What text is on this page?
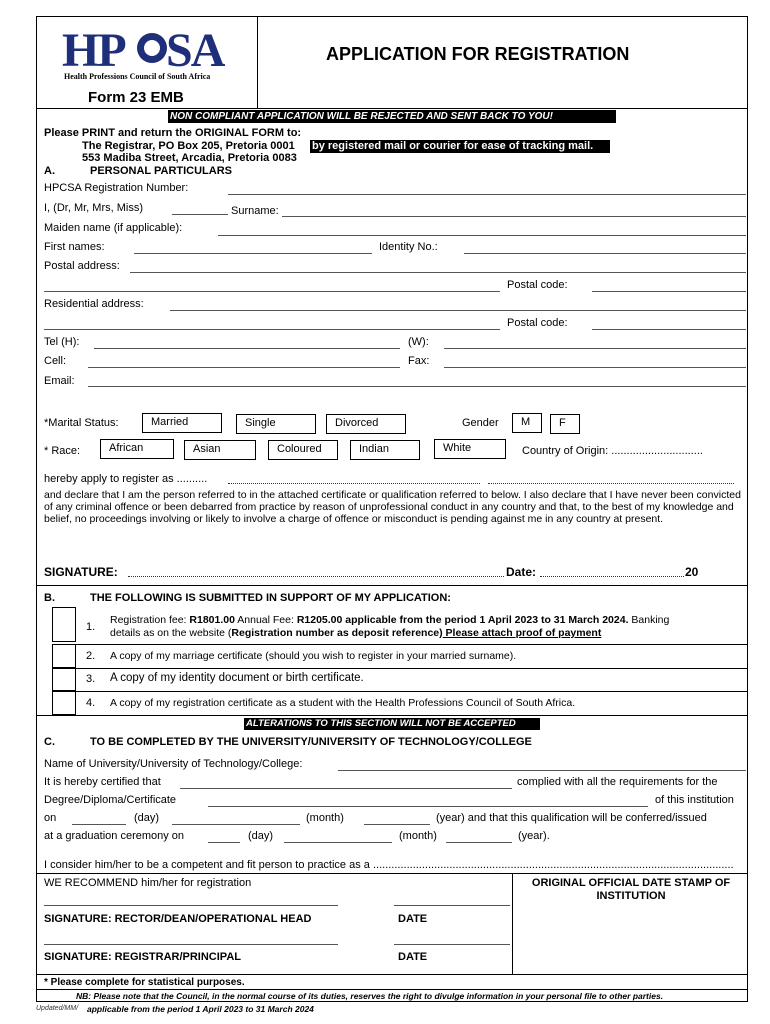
HP SA
Health Professions Council of South Africa
Form 23 EMB
APPLICATION FOR REGISTRATION
NON COMPLIANT APPLICATION WILL BE REJECTED AND SENT BACK TO YOU!
Please PRINT and return the ORIGINAL FORM to:
The Registrar, PO Box 205, Pretoria 0001 by registered mail or courier for ease of tracking mail.
553 Madiba Street, Arcadia, Pretoria 0083
A.	PERSONAL PARTICULARS
HPCSA Registration Number:
I, (Dr, Mr, Mrs, Miss)	Surname:
Maiden name (if applicable):
First names:	Identity No.:
Postal address:
Postal code:
Residential address:
Postal code:
Tel (H):	(W):
Cell:	Fax:
Email:
*Marital Status:	Married	Single	Divorced	Gender	M	F
* Race:	African	Asian	Coloured	Indian	White	Country of Origin: ..............................
hereby apply to register as ..........
and declare that I am the person referred to in the attached certificate or qualification referred to below. I also declare that I have never been convicted of any criminal offence or been debarred from practice by reason of unprofessional conduct in any country and that, to the best of my knowledge and belief, no proceedings involving or likely to involve a charge of offence or misconduct is pending against me in any country at present.
SIGNATURE:	Date:	20
B.	THE FOLLOWING IS SUBMITTED IN SUPPORT OF MY APPLICATION:
1.
Registration fee: R1801.00 Annual Fee: R1205.00 applicable from the period 1 April 2023 to 31 March 2024. Banking
details as on the website (Registration number as deposit reference) Please attach proof of payment
2. A copy of my marriage certificate (should you wish to register in your married surname).
3. A copy of my identity document or birth certificate.
4. A copy of my registration certificate as a student with the Health Professions Council of South Africa.
ALTERATIONS TO THIS SECTION WILL NOT BE ACCEPTED
C.	TO BE COMPLETED BY THE UNIVERSITY/UNIVERSITY OF TECHNOLOGY/COLLEGE
Name of University/University of Technology/College:
It is hereby certified that	complied with all the requirements for the
Degree/Diploma/Certificate	of this institution
on	(day)	(month)	(year) and that this qualification will be conferred/issued
at a graduation ceremony on	(day)	(month)	(year).
I consider him/her to be a competent and fit person to practice as a ......................................................................................................................
WE RECOMMEND him/her for registration	ORIGINAL OFFICIAL DATE STAMP OF INSTITUTION
SIGNATURE: RECTOR/DEAN/OPERATIONAL HEAD	DATE
SIGNATURE: REGISTRAR/PRINCIPAL	DATE
* Please complete for statistical purposes.
NB: Please note that the Council, in the normal course of its duties, reserves the right to divulge information in your personal file to other parties.
Updated/MM/ applicable from the period 1 April 2023 to 31 March 2024
